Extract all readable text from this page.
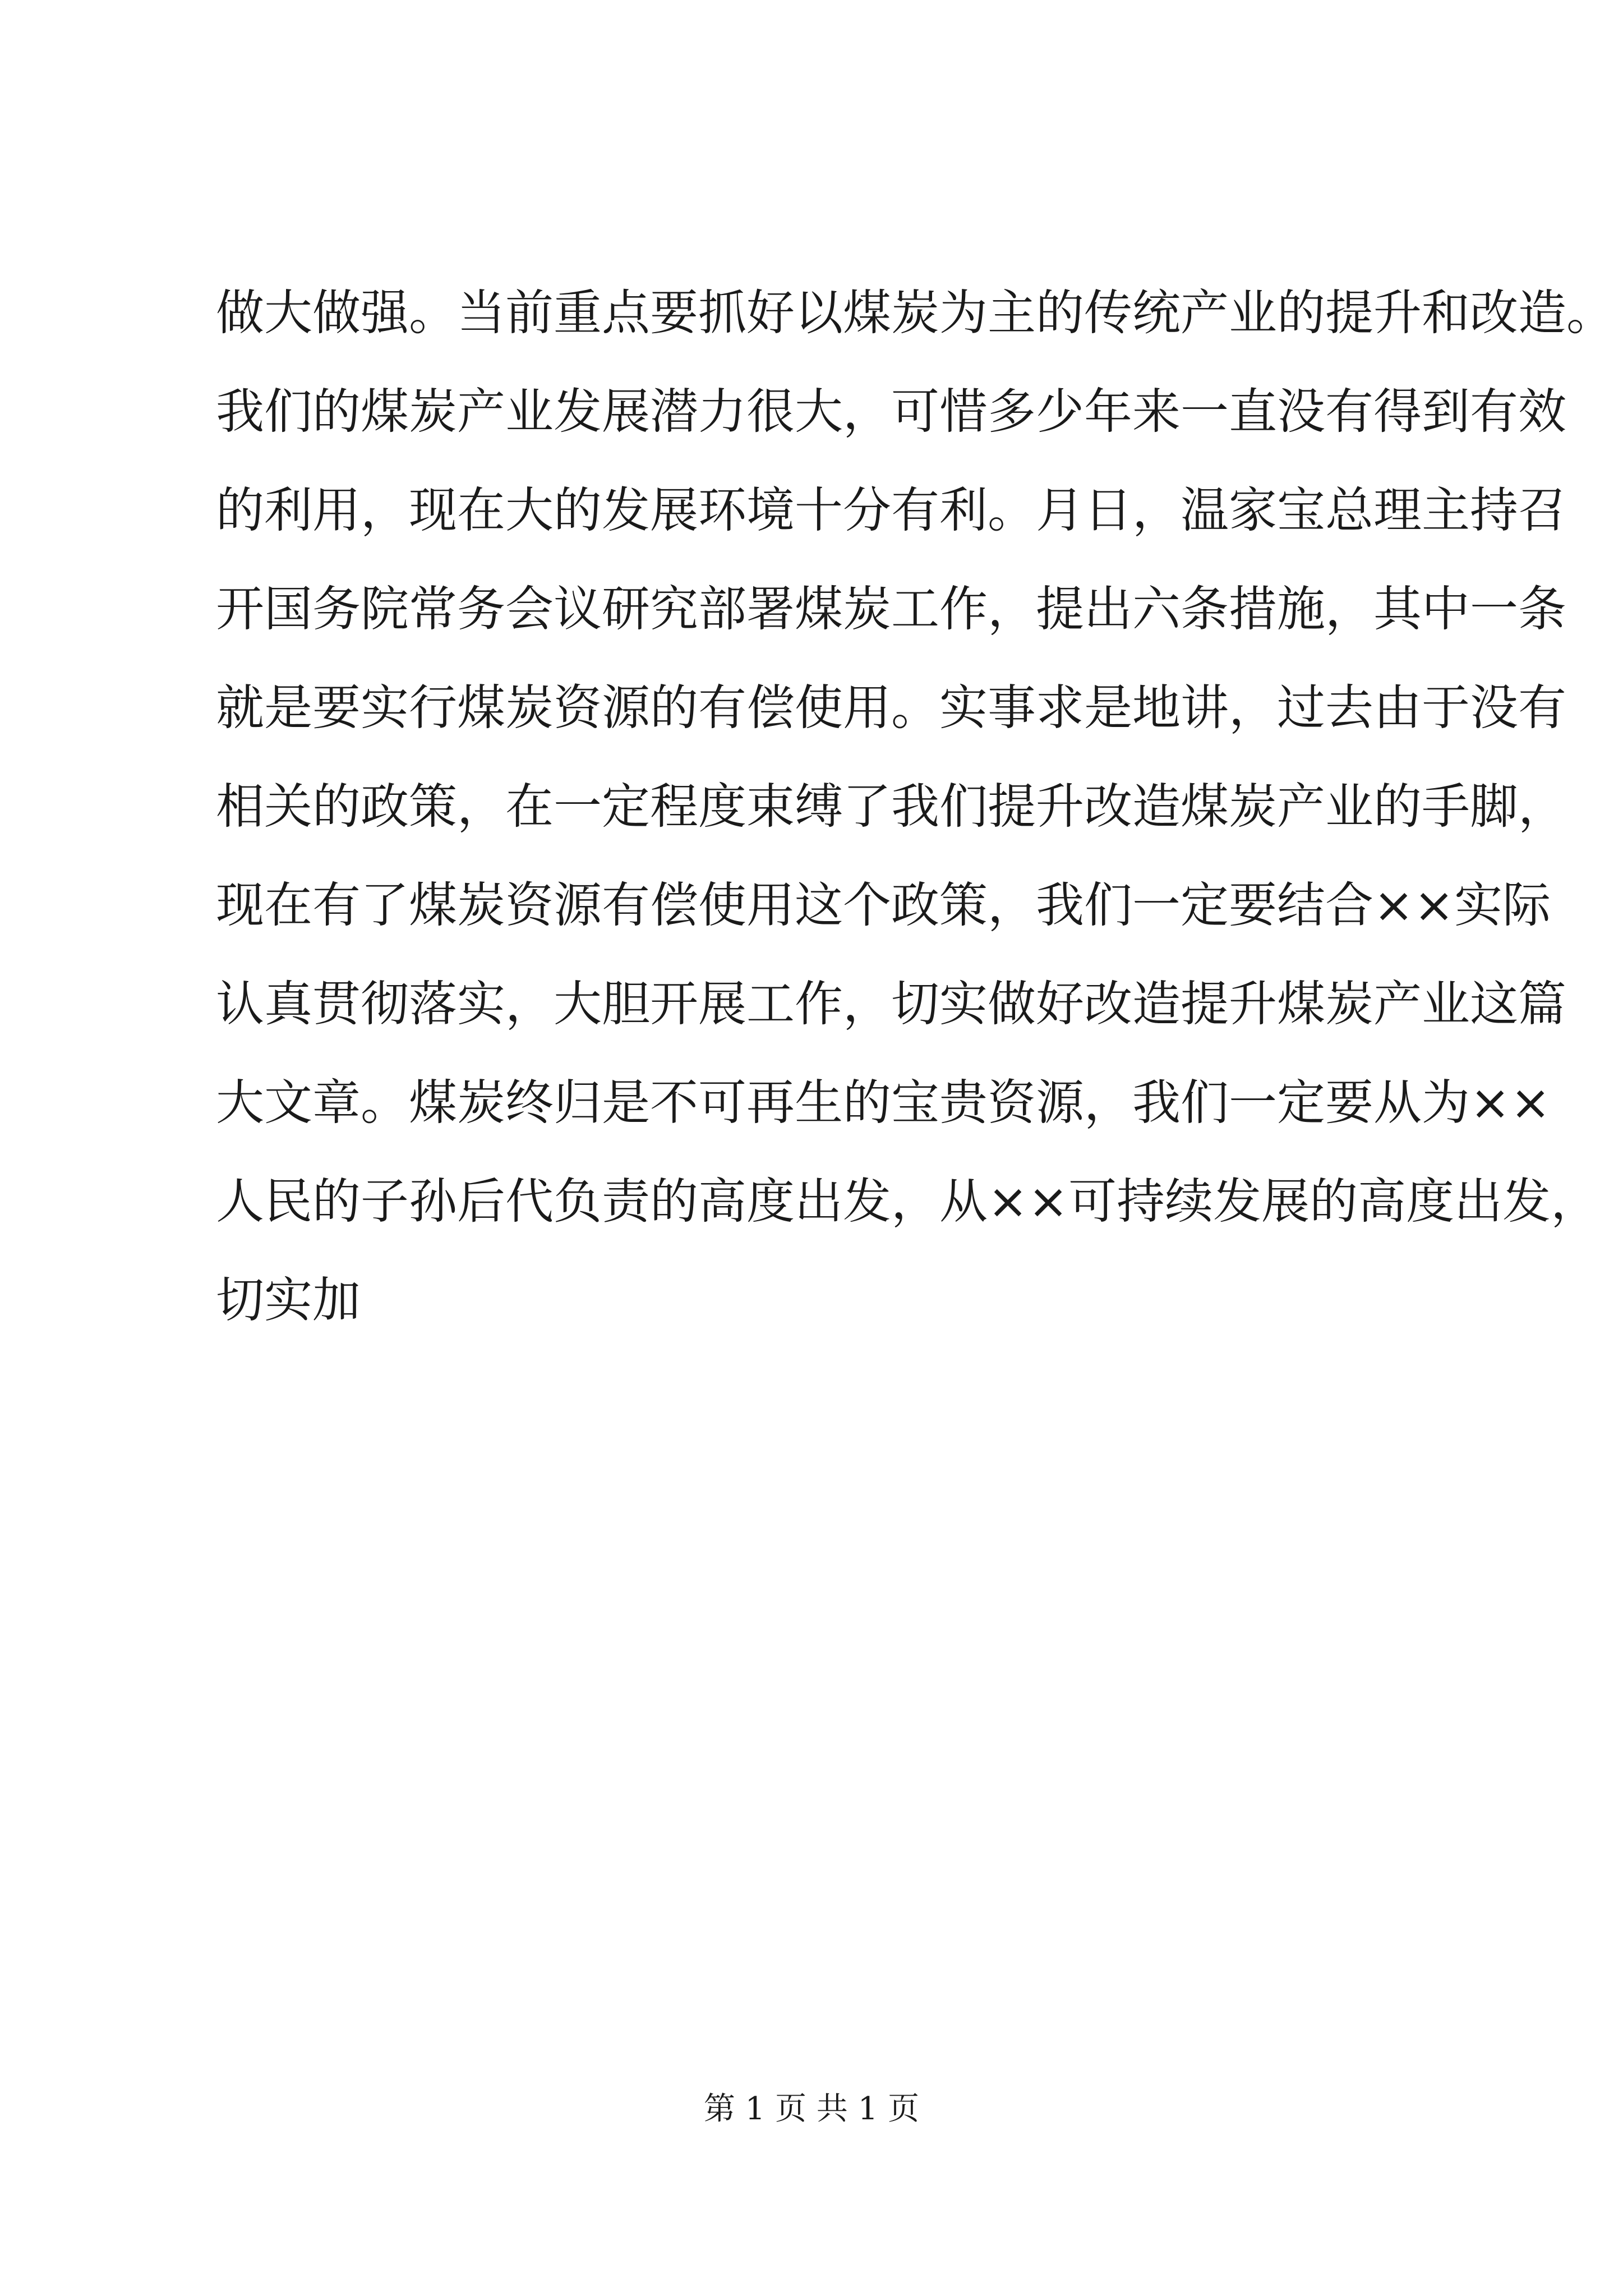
做大做强。当前重点要抓好以煤炭为主的传统产业的提升和改造。
我们的煤炭产业发展潜力很大，可惜多少年来一直没有得到有效
的利用，现在大的发展环境十分有利。月日，温家宝总理主持召
开国务院常务会议研究部署煤炭工作，提出六条措施，其中一条
就是要实行煤炭资源的有偿使用。实事求是地讲，过去由于没有
相关的政策，在一定程度束缚了我们提升改造煤炭产业的手脚，
现在有了煤炭资源有偿使用这个政策，我们一定要结合××实际
认真贯彻落实，大胆开展工作，切实做好改造提升煤炭产业这篇
大文章。煤炭终归是不可再生的宝贵资源，我们一定要从为××
人民的子孙后代负责的高度出发，从××可持续发展的高度出发，
切实加
第 1 页 共 1 页
